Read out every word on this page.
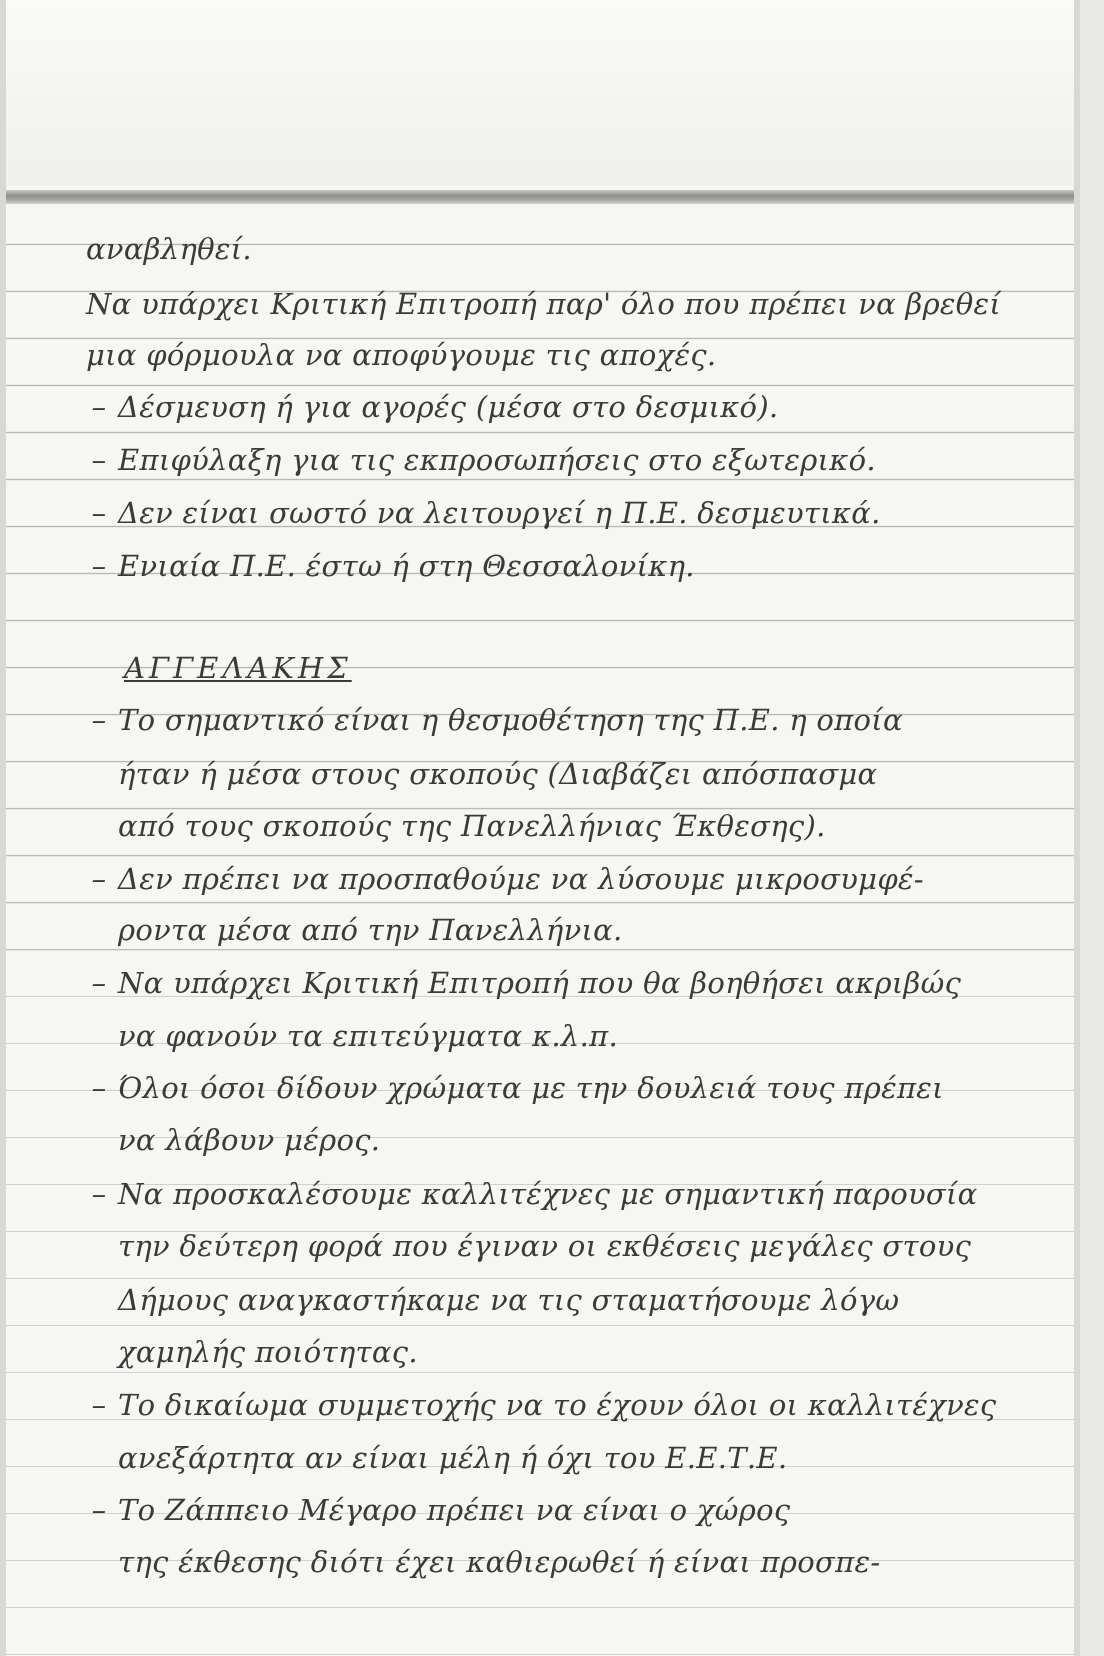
αναβληθεί.
Να υπάρχει Κριτική Επιτροπή παρ' όλο που πρέπει να βρεθεί
μια φόρμουλα να αποφύγουμε τις αποχές.
– Δέσμευση ή για αγορές (μέσα στο δεσμικό).
– Επιφύλαξη για τις εκπροσωπήσεις στο εξωτερικό.
– Δεν είναι σωστό να λειτουργεί η Π.Ε. δεσμευτικά.
– Ενιαία Π.Ε. έστω ή στη Θεσσαλονίκη.
ΑΓΓΕΛΑΚΗΣ
– Το σημαντικό είναι η θεσμοθέτηση της Π.Ε. η οποία
ήταν ή μέσα στους σκοπούς (Διαβάζει απόσπασμα
από τους σκοπούς της Πανελλήνιας Έκθεσης).
– Δεν πρέπει να προσπαθούμε να λύσουμε μικροσυμφέ-
ροντα μέσα από την Πανελλήνια.
– Να υπάρχει Κριτική Επιτροπή που θα βοηθήσει ακριβώς
να φανούν τα επιτεύγματα κ.λ.π.
– Όλοι όσοι δίδουν χρώματα με την δουλειά τους πρέπει
να λάβουν μέρος.
– Να προσκαλέσουμε καλλιτέχνες με σημαντική παρουσία
την δεύτερη φορά που έγιναν οι εκθέσεις μεγάλες στους
Δήμους αναγκαστήκαμε να τις σταματήσουμε λόγω
χαμηλής ποιότητας.
– Το δικαίωμα συμμετοχής να το έχουν όλοι οι καλλιτέχνες
ανεξάρτητα αν είναι μέλη ή όχι του Ε.Ε.Τ.Ε.
– Το Ζάππειο Μέγαρο πρέπει να είναι ο χώρος
της έκθεσης διότι έχει καθιερωθεί ή είναι προσπε-
